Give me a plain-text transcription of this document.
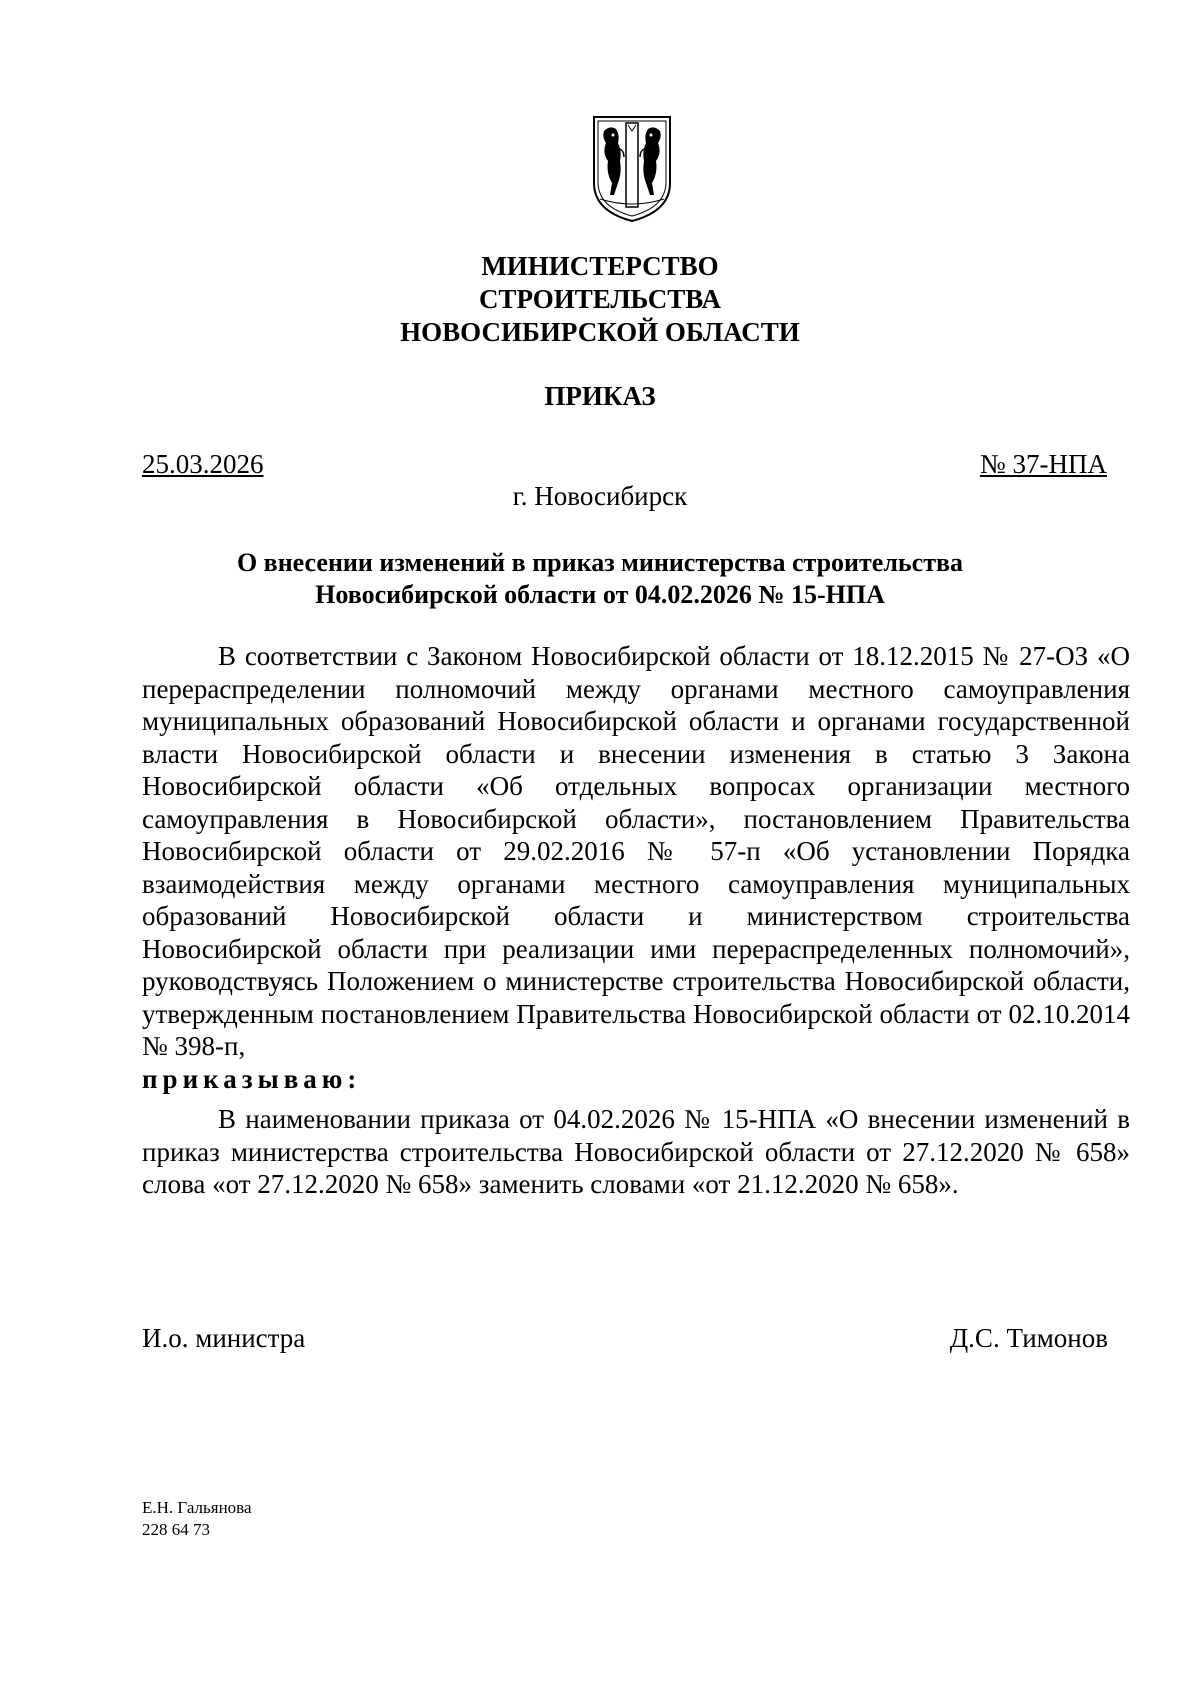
МИНИСТЕРСТВО
СТРОИТЕЛЬСТВА
НОВОСИБИРСКОЙ ОБЛАСТИ
ПРИКАЗ
25.03.2026	№ 37-НПА
г. Новосибирск
О внесении изменений в приказ министерства строительства
Новосибирской области от 04.02.2026 № 15-НПА

В соответствии с Законом Новосибирской области от 18.12.2015 № 27-ОЗ «О перераспределении полномочий между органами местного самоуправления муниципальных образований Новосибирской области и органами государственной власти Новосибирской области и внесении изменения в статью 3 Закона Новосибирской области «Об отдельных вопросах организации местного самоуправления в Новосибирской области», постановлением Правительства Новосибирской области от 29.02.2016 № 57-п «Об установлении Порядка взаимодействия между органами местного самоуправления муниципальных образований Новосибирской области и министерством строительства Новосибирской области при реализации ими перераспределенных полномочий», руководствуясь Положением о министерстве строительства Новосибирской области, утвержденным постановлением Правительства Новосибирской области от 02.10.2014 № 398-п,

приказываю:

В наименовании приказа от 04.02.2026 № 15-НПА «О внесении изменений в приказ министерства строительства Новосибирской области от 27.12.2020 № 658» слова «от 27.12.2020 № 658» заменить словами «от 21.12.2020 № 658».

И.о. министра	Д.С. Тимонов
Е.Н. Гальянова
228 64 73
